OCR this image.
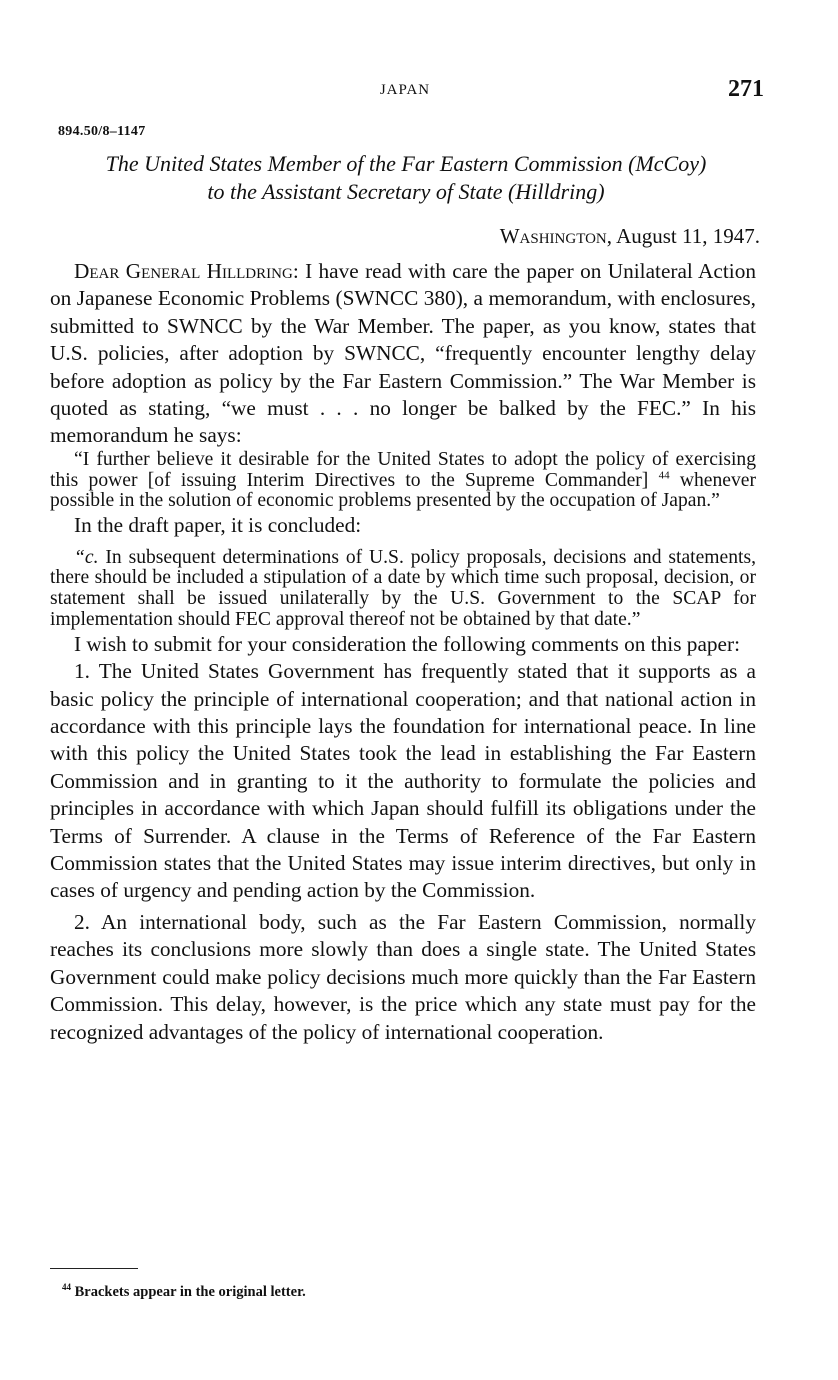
JAPAN	271
894.50/8–1147
The United States Member of the Far Eastern Commission (McCoy)
to the Assistant Secretary of State (Hilldring)
Washington, August 11, 1947.

Dear General Hilldring: I have read with care the paper on Unilateral Action on Japanese Economic Problems (SWNCC 380), a memorandum, with enclosures, submitted to SWNCC by the War Member. The paper, as you know, states that U.S. policies, after adoption by SWNCC, “frequently encounter lengthy delay before adoption as policy by the Far Eastern Commission.” The War Member is quoted as stating, “we must . . . no longer be balked by the FEC.” In his memorandum he says:

“I further believe it desirable for the United States to adopt the policy of exercising this power [of issuing Interim Directives to the Supreme Commander] $^{44}$ whenever possible in the solution of economic problems presented by the occupation of Japan.”

In the draft paper, it is concluded:

“c. In subsequent determinations of U.S. policy proposals, decisions and statements, there should be included a stipulation of a date by which time such proposal, decision, or statement shall be issued unilaterally by the U.S. Government to the SCAP for implementation should FEC approval thereof not be obtained by that date.”

I wish to submit for your consideration the following comments on this paper:

1. The United States Government has frequently stated that it supports as a basic policy the principle of international cooperation; and that national action in accordance with this principle lays the foundation for international peace. In line with this policy the United States took the lead in establishing the Far Eastern Commission and in granting to it the authority to formulate the policies and principles in accordance with which Japan should fulfill its obligations under the Terms of Surrender. A clause in the Terms of Reference of the Far Eastern Commission states that the United States may issue interim directives, but only in cases of urgency and pending action by the Commission.

2. An international body, such as the Far Eastern Commission, normally reaches its conclusions more slowly than does a single state. The United States Government could make policy decisions much more quickly than the Far Eastern Commission. This delay, however, is the price which any state must pay for the recognized advantages of the policy of international cooperation.

$^{44}$ Brackets appear in the original letter.
